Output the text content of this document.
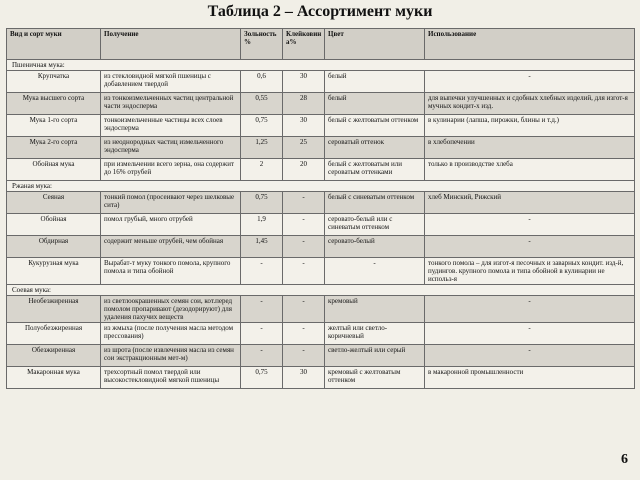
Таблица 2 – Ассортимент муки
Вид и сорт муки	Получение	Зольность %	Клейковин а%	Цвет	Использование
Пшеничная мука:					
Крупчатка	из стекловидной мягкой пшеницы с добавлением твердой	0,6	30	белый	-
Мука высшего сорта	из тонкоизмельченных частиц центральной части эндосперма	0,55	28	белый	для выпечки улучшенных и сдобных хлебных изделий, для изгот-я мучных кондит-х изд.
Мука 1-го сорта	тонкоизмельченные частицы всех слоев эндосперма	0,75	30	белый с желтоватым оттенком	в кулинарии (лапша, пирожки, блины и т.д.)
Мука 2-го сорта	из неоднородных частиц измельченного эндосперма	1,25	25	сероватый оттенок	в хлебопечении
Обойная мука	при измельчении всего зерна, она содержит до 16% отрубей	2	20	белый с желтоватым или сероватым оттенками	только в производстве хлеба
Ржаная мука:					
Сеяная	тонкий помол (просеивают через шелковые сита)	0,75	-	белый с синеватым оттенком	хлеб Минский, Рижский
Обойная	помол грубый, много отрубей	1,9	-	серовато-белый или с синеватым оттенком	-
Обдирная	содержит меньше отрубей, чем обойная	1,45	-	серовато-белый	-
Кукурузная мука	Вырабат-т муку тонкого помола, крупного помола и типа обойной	-	-	-	тонкого помола – для изгот-я песочных и заварных кондит. изд-й, пудингов. крупного помола и типа обойной в кулинарии не использ-я
Соевая мука:					
Необезжиренная	из светлоокрашенных семян сои, кот.перед помолом пропаривают (дезодорируют) для удаления пахучих веществ	-	-	кремовый	-
Полуобезжиренная	из жмыха (после получения масла методом прессования)	-	-	желтый или светло-коричневый	-
Обезжиренная	из шрота (после извлечения масла из семян сои экстракционным мет-м)	-	-	светло-желтый или серый	-
Макаронная мука	трехсортный помол твердой или высокостекловидной мягкой пшеницы	0,75	30	кремовый с желтоватым оттенком	в макаронной промышленности
6
